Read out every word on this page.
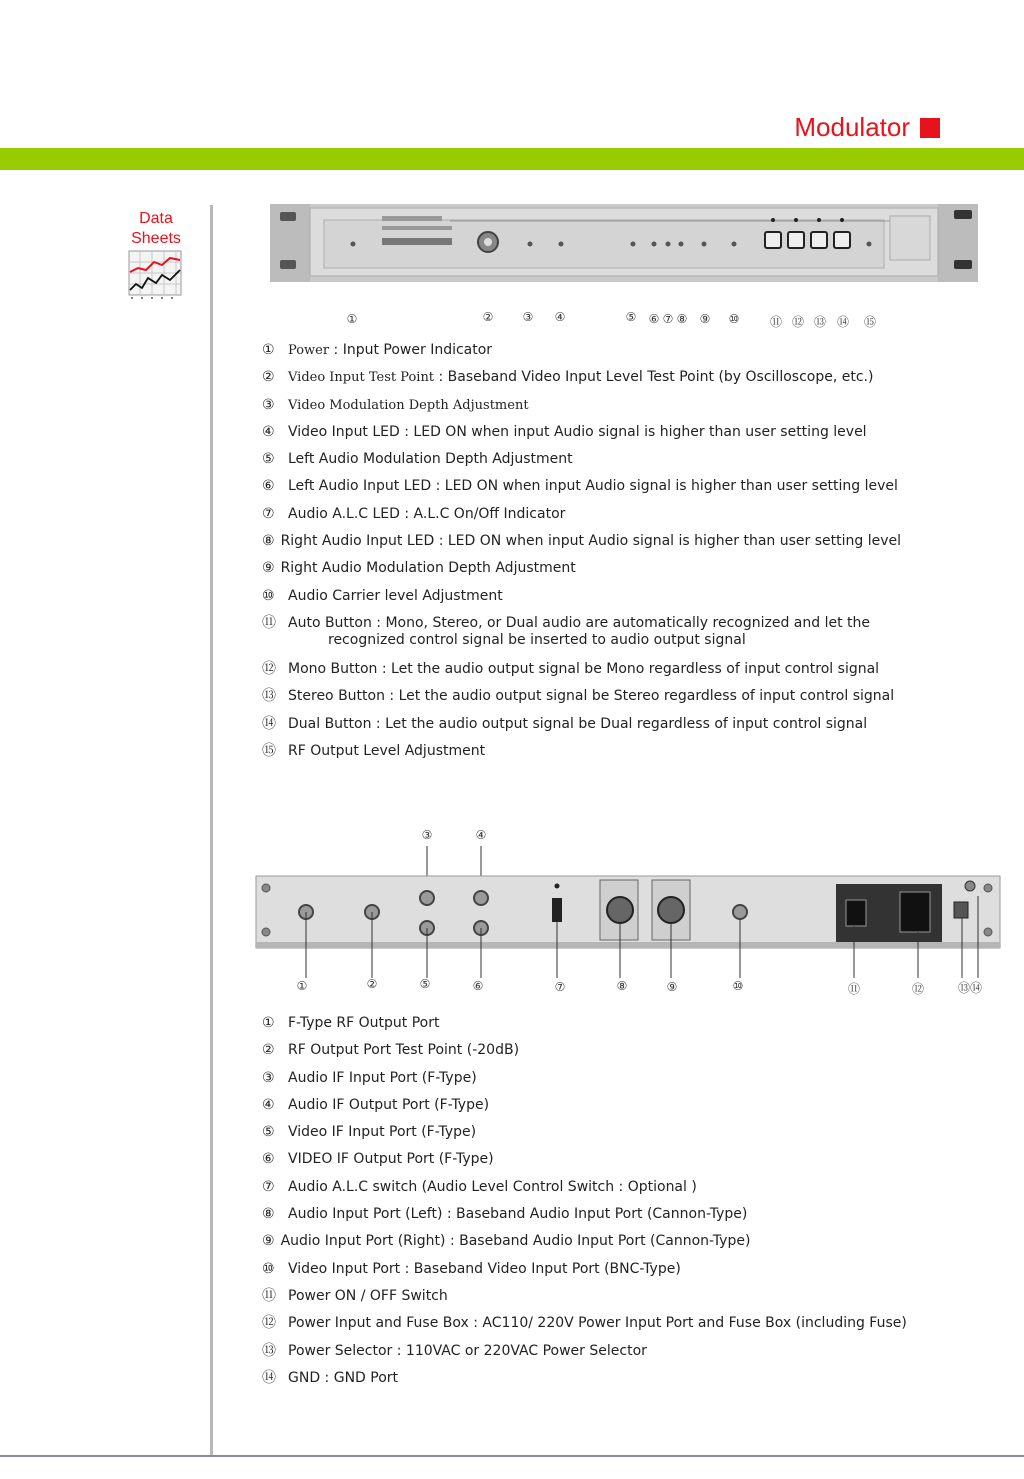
Modulator
Data
Sheets
①	② ③ ④	⑤ ⑥ ⑦ ⑧ ⑨ ⑩	⑪ ⑫ ⑬ ⑭ ⑮
① Power : Input Power Indicator
② Video Input Test Point : Baseband Video Input Level Test Point (by Oscilloscope, etc.)
③ Video Modulation Depth Adjustment
④ Video Input LED : LED ON when input Audio signal is higher than user setting level
⑤ Left Audio Modulation Depth Adjustment
⑥ Left Audio Input LED : LED ON when input Audio signal is higher than user setting level
⑦ Audio A.L.C LED : A.L.C On/Off Indicator
⑧ Right Audio Input LED : LED ON when input Audio signal is higher than user setting level
⑨ Right Audio Modulation Depth Adjustment
⑩ Audio Carrier level Adjustment
⑪ Auto Button : Mono, Stereo, or Dual audio are automatically recognized and let the
recognized control signal be inserted to audio output signal
⑫ Mono Button : Let the audio output signal be Mono regardless of input control signal
⑬ Stereo Button : Let the audio output signal be Stereo regardless of input control signal
⑭ Dual Button : Let the audio output signal be Dual regardless of input control signal
⑮ RF Output Level Adjustment
③	④
①	②	⑤	⑥	⑦	⑧	⑨	⑩	⑪	⑫	⑬⑭
① F-Type RF Output Port
② RF Output Port Test Point (-20dB)
③ Audio IF Input Port (F-Type)
④ Audio IF Output Port (F-Type)
⑤ Video IF Input Port (F-Type)
⑥ VIDEO IF Output Port (F-Type)
⑦ Audio A.L.C switch (Audio Level Control Switch : Optional )
⑧ Audio Input Port (Left) : Baseband Audio Input Port (Cannon-Type)
⑨ Audio Input Port (Right) : Baseband Audio Input Port (Cannon-Type)
⑩ Video Input Port : Baseband Video Input Port (BNC-Type)
⑪ Power ON / OFF Switch
⑫ Power Input and Fuse Box : AC110/ 220V Power Input Port and Fuse Box (including Fuse)
⑬ Power Selector : 110VAC or 220VAC Power Selector
⑭ GND : GND Port
